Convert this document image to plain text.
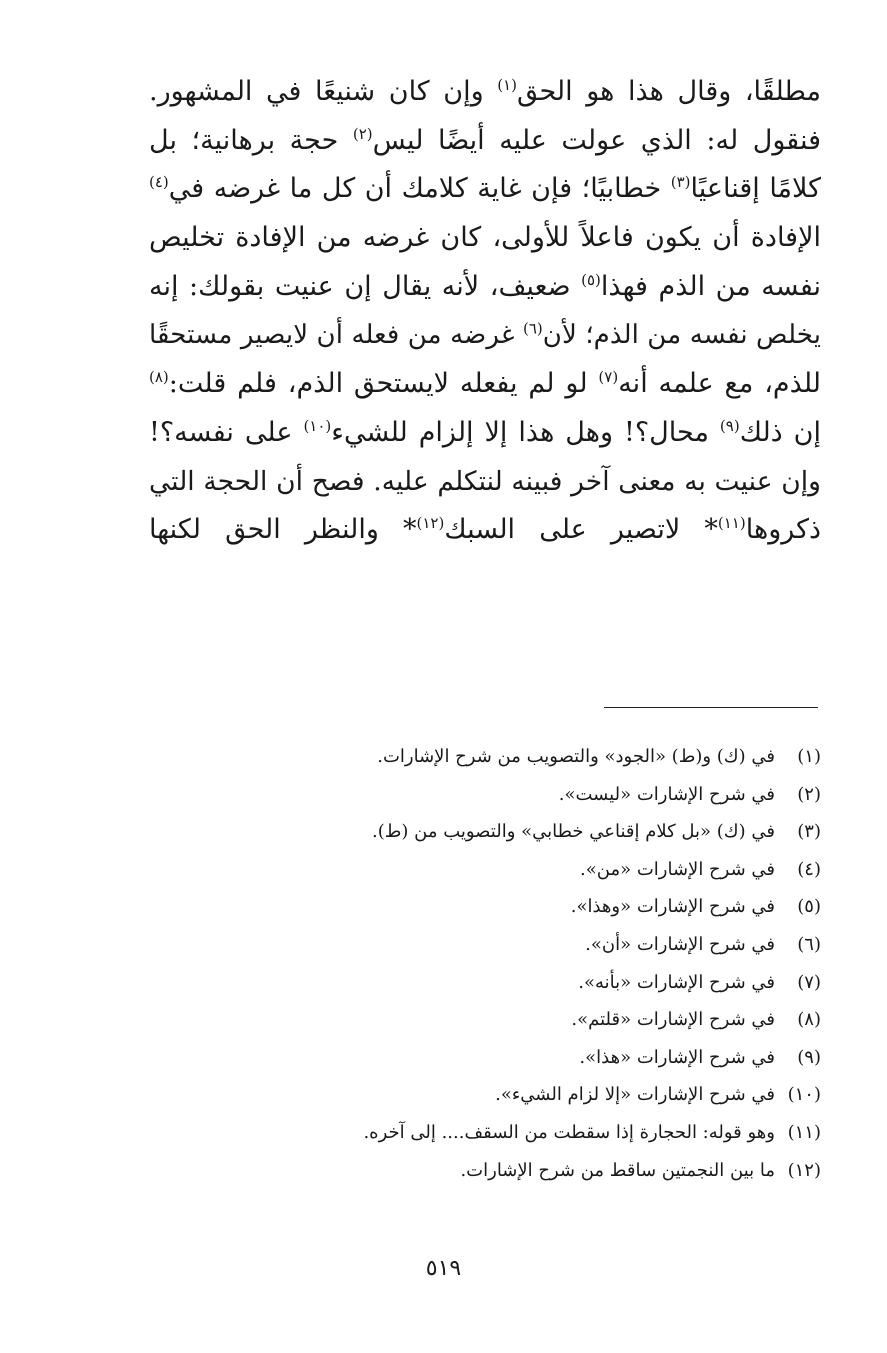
مطلقًا، وقال هذا هو الحق$^{(١)}$ وإن كان شنيعًا في المشهور.
فنقول له: الذي عولت عليه أيضًا ليس$^{(٢)}$ حجة برهانية؛ بل
كلامًا إقناعيًا$^{(٣)}$ خطابيًا؛ فإن غاية كلامك أن كل ما غرضه في$^{(٤)}$
الإفادة أن يكون فاعلاً للأولى، كان غرضه من الإفادة تخليص
نفسه من الذم فهذا$^{(٥)}$ ضعيف، لأنه يقال إن عنيت بقولك: إنه
يخلص نفسه من الذم؛ لأن$^{(٦)}$ غرضه من فعله أن لايصير مستحقًا
للذم، مع علمه أنه$^{(٧)}$ لو لم يفعله لايستحق الذم، فلم قلت:$^{(٨)}$
إن ذلك$^{(٩)}$ محال؟! وهل هذا إلا إلزام للشيء$^{(١٠)}$ على نفسه؟!
وإن عنيت به معنى آخر فبينه لنتكلم عليه. فصح أن الحجة التي
ذكروها$^{(١١)}$* لاتصير على السبك$^{(١٢)}$* والنظر الحق لكنها
(١)في (ك) و(ط) «الجود» والتصويب من شرح الإشارات.
(٢)في شرح الإشارات «ليست».
(٣)في (ك) «بل كلام إقناعي خطابي» والتصويب من (ط).
(٤)في شرح الإشارات «من».
(٥)في شرح الإشارات «وهذا».
(٦)في شرح الإشارات «أن».
(٧)في شرح الإشارات «بأنه».
(٨)في شرح الإشارات «قلتم».
(٩)في شرح الإشارات «هذا».
(١٠)في شرح الإشارات «إلا لزام الشيء».
(١١)وهو قوله: الحجارة إذا سقطت من السقف.... إلى آخره.
(١٢)ما بين النجمتين ساقط من شرح الإشارات.
٥١٩
